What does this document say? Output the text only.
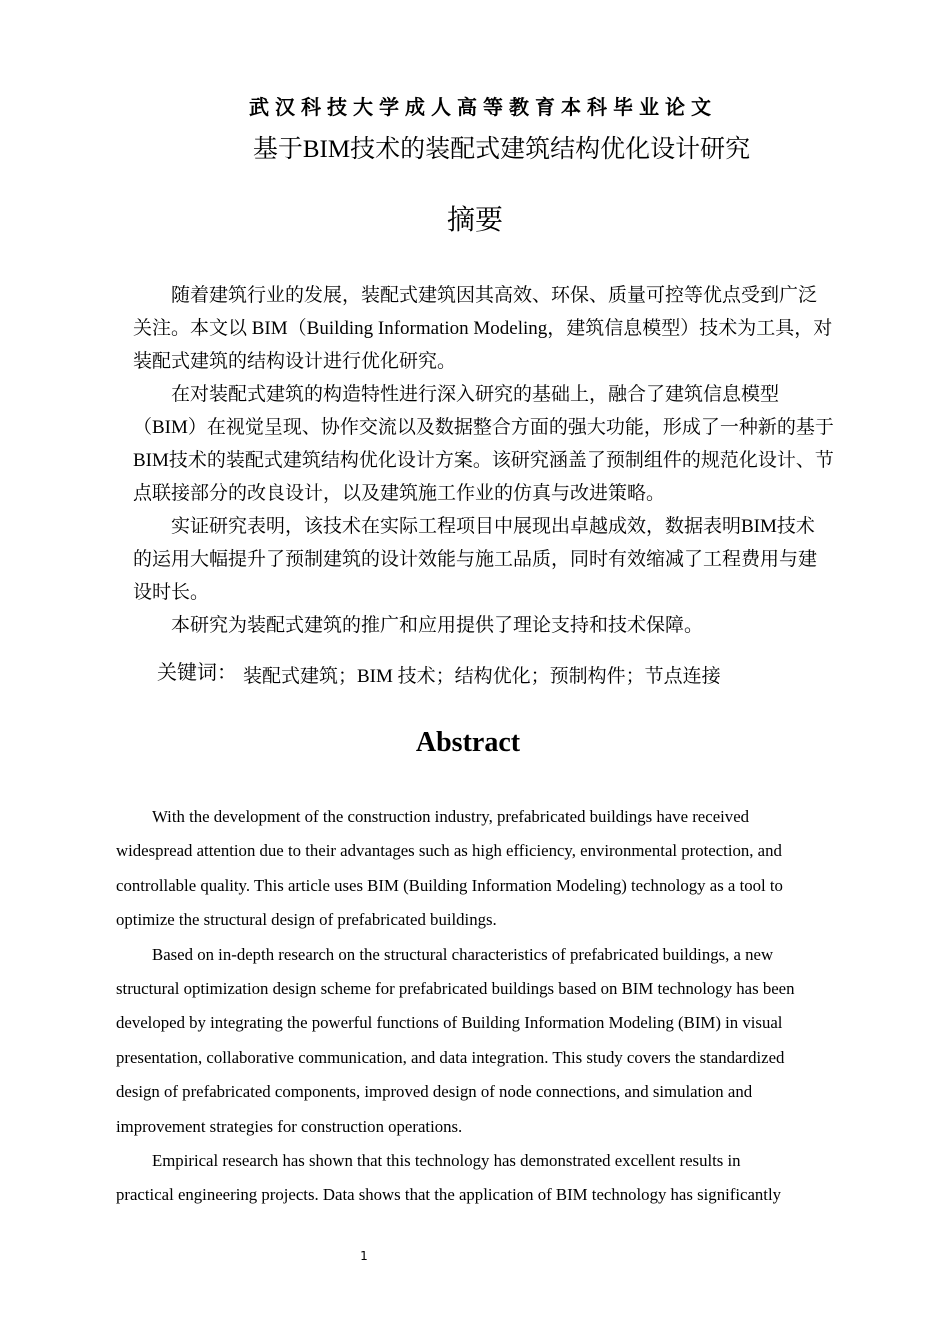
武汉科技大学成人高等教育本科毕业论文
基于BIM技术的装配式建筑结构优化设计研究
摘要
随着建筑行业的发展，装配式建筑因其高效、环保、质量可控等优点受到广泛
关注。本文以 BIM（Building Information Modeling，建筑信息模型）技术为工具，对
装配式建筑的结构设计进行优化研究。
在对装配式建筑的构造特性进行深入研究的基础上，融合了建筑信息模型
（BIM）在视觉呈现、协作交流以及数据整合方面的强大功能，形成了一种新的基于
BIM技术的装配式建筑结构优化设计方案。该研究涵盖了预制组件的规范化设计、节
点联接部分的改良设计，以及建筑施工作业的仿真与改进策略。
实证研究表明，该技术在实际工程项目中展现出卓越成效，数据表明BIM技术
的运用大幅提升了预制建筑的设计效能与施工品质，同时有效缩减了工程费用与建
设时长。
本研究为装配式建筑的推广和应用提供了理论支持和技术保障。
关键词： 装配式建筑；BIM 技术；结构优化；预制构件；节点连接
Abstract
With the development of the construction industry, prefabricated buildings have received
widespread attention due to their advantages such as high efficiency, environmental protection, and
controllable quality. This article uses BIM (Building Information Modeling) technology as a tool to
optimize the structural design of prefabricated buildings.
Based on in-depth research on the structural characteristics of prefabricated buildings, a new
structural optimization design scheme for prefabricated buildings based on BIM technology has been
developed by integrating the powerful functions of Building Information Modeling (BIM) in visual
presentation, collaborative communication, and data integration. This study covers the standardized
design of prefabricated components, improved design of node connections, and simulation and
improvement strategies for construction operations.
Empirical research has shown that this technology has demonstrated excellent results in
practical engineering projects. Data shows that the application of BIM technology has significantly
1
